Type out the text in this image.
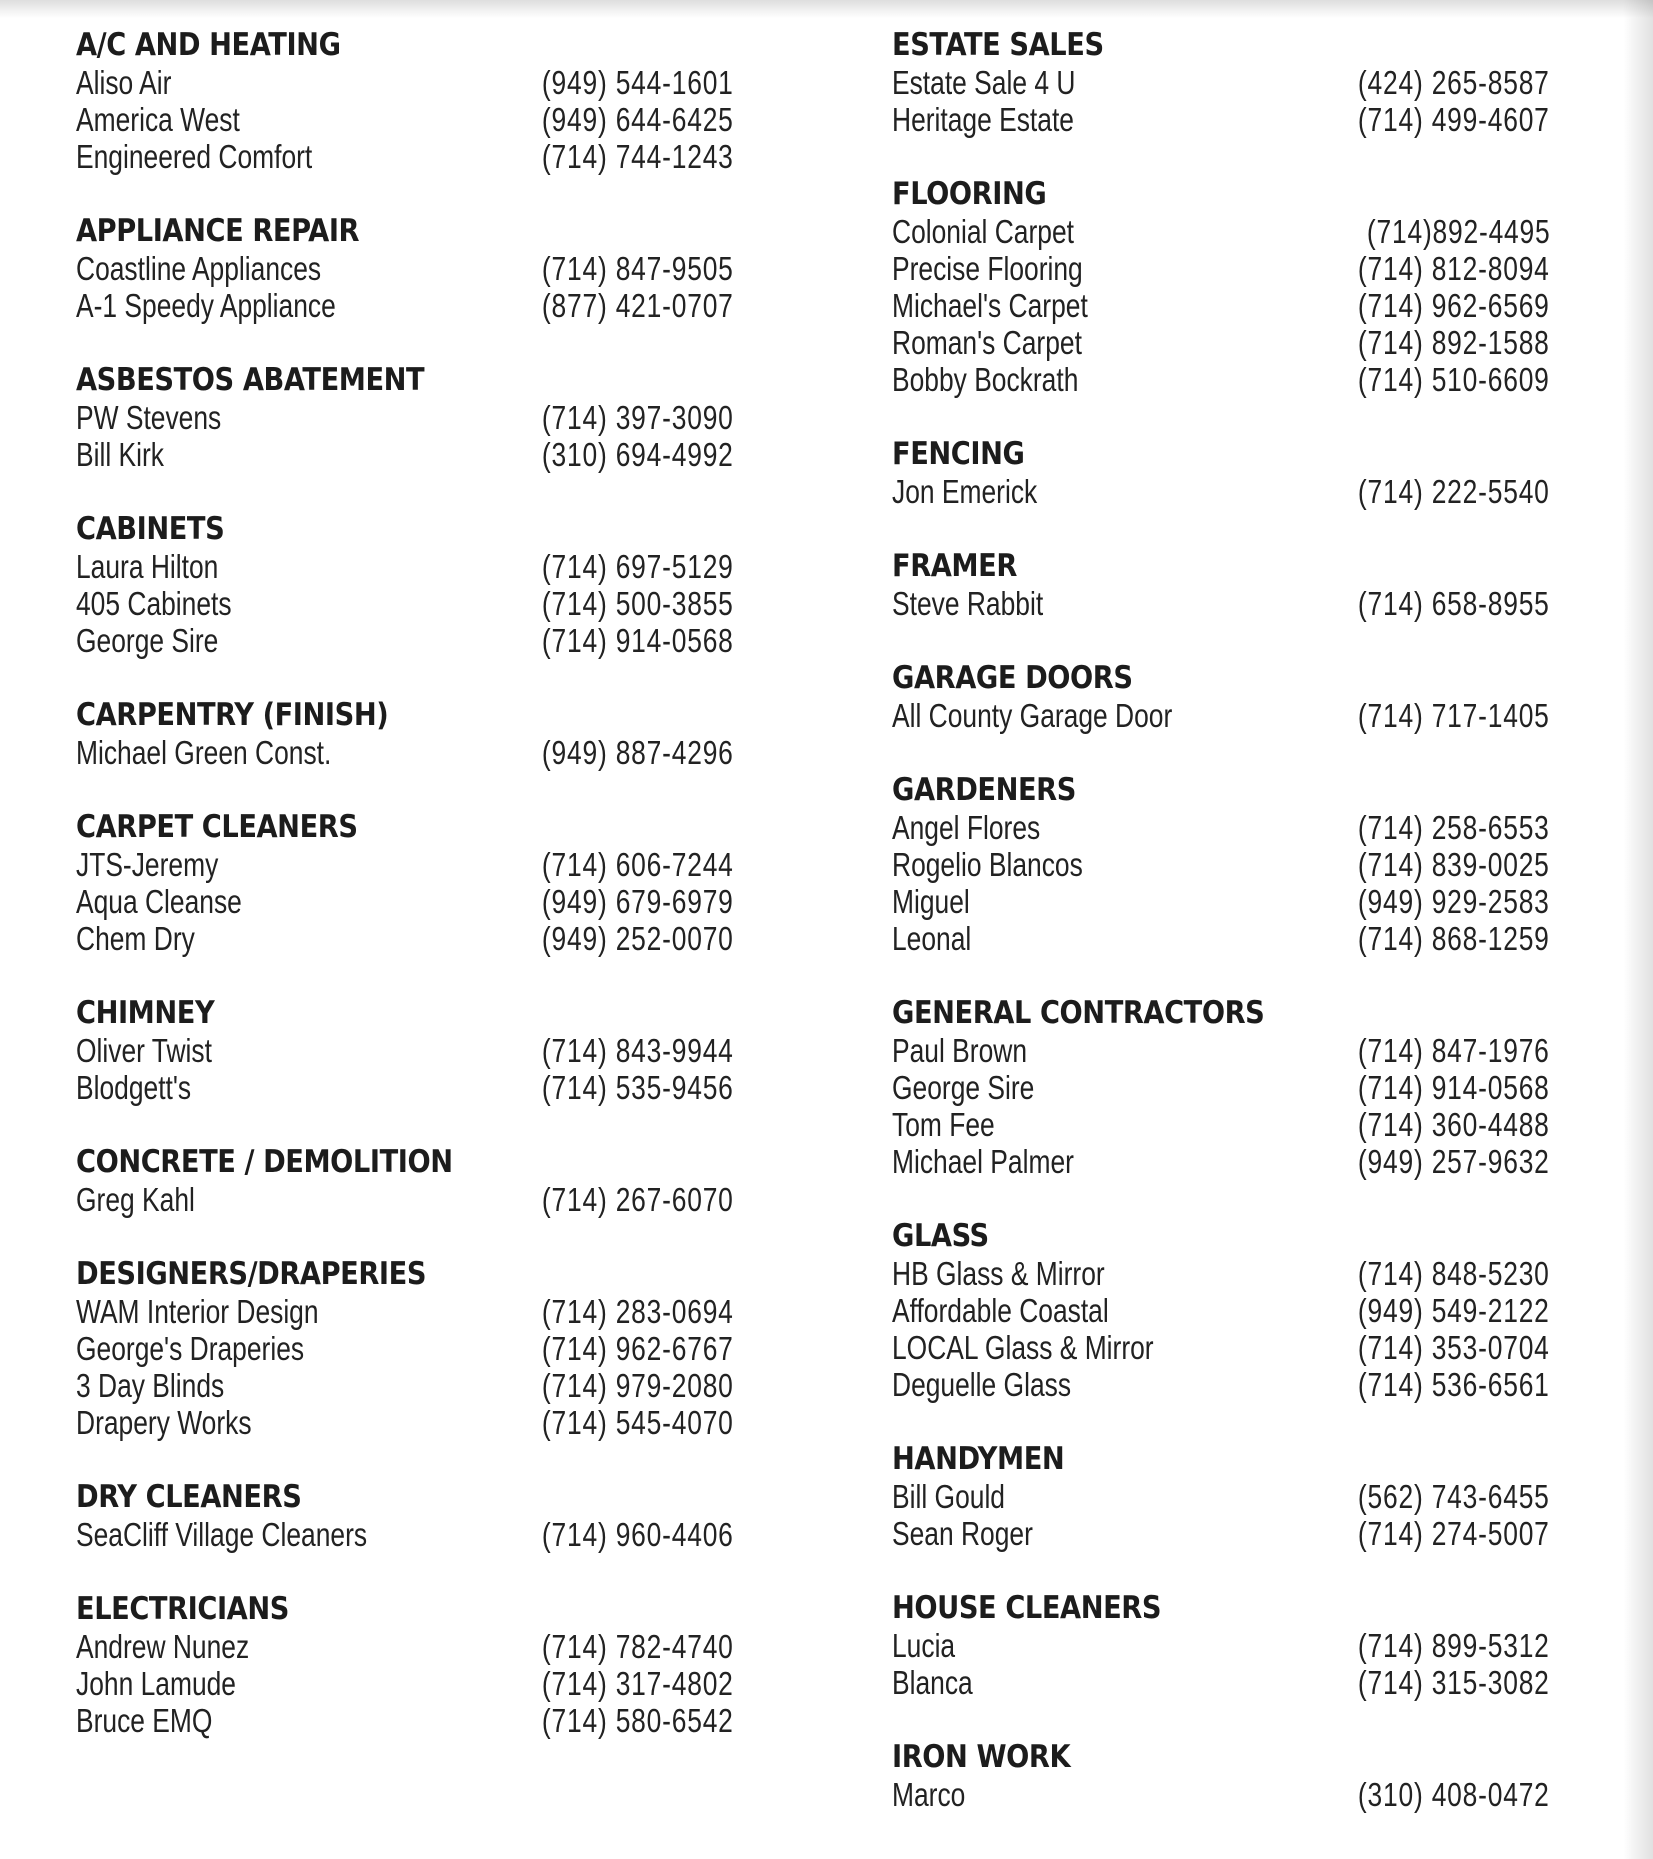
A/C AND HEATING
Aliso Air	(949) 544-1601
America West	(949) 644-6425
Engineered Comfort	(714) 744-1243
APPLIANCE REPAIR
Coastline Appliances	(714) 847-9505
A-1 Speedy Appliance	(877) 421-0707
ASBESTOS ABATEMENT
PW Stevens	(714) 397-3090
Bill Kirk	(310) 694-4992
CABINETS
Laura Hilton	(714) 697-5129
405 Cabinets	(714) 500-3855
George Sire	(714) 914-0568
CARPENTRY (FINISH)
Michael Green Const.	(949) 887-4296
CARPET CLEANERS
JTS-Jeremy	(714) 606-7244
Aqua Cleanse	(949) 679-6979
Chem Dry	(949) 252-0070
CHIMNEY
Oliver Twist	(714) 843-9944
Blodgett's	(714) 535-9456
CONCRETE / DEMOLITION
Greg Kahl	(714) 267-6070
DESIGNERS/DRAPERIES
WAM Interior Design	(714) 283-0694
George's Draperies	(714) 962-6767
3 Day Blinds	(714) 979-2080
Drapery Works	(714) 545-4070
DRY CLEANERS
SeaCliff Village Cleaners	(714) 960-4406
ELECTRICIANS
Andrew Nunez	(714) 782-4740
John Lamude	(714) 317-4802
Bruce EMQ	(714) 580-6542
ESTATE SALES
Estate Sale 4 U	(424) 265-8587
Heritage Estate	(714) 499-4607
FLOORING
Colonial Carpet	(714)892-4495
Precise Flooring	(714) 812-8094
Michael's Carpet	(714) 962-6569
Roman's Carpet	(714) 892-1588
Bobby Bockrath	(714) 510-6609
FENCING
Jon Emerick	(714) 222-5540
FRAMER
Steve Rabbit	(714) 658-8955
GARAGE DOORS
All County Garage Door	(714) 717-1405
GARDENERS
Angel Flores	(714) 258-6553
Rogelio Blancos	(714) 839-0025
Miguel	(949) 929-2583
Leonal	(714) 868-1259
GENERAL CONTRACTORS
Paul Brown	(714) 847-1976
George Sire	(714) 914-0568
Tom Fee	(714) 360-4488
Michael Palmer	(949) 257-9632
GLASS
HB Glass & Mirror	(714) 848-5230
Affordable Coastal	(949) 549-2122
LOCAL Glass & Mirror	(714) 353-0704
Deguelle Glass	(714) 536-6561
HANDYMEN
Bill Gould	(562) 743-6455
Sean Roger	(714) 274-5007
HOUSE CLEANERS
Lucia	(714) 899-5312
Blanca	(714) 315-3082
IRON WORK
Marco	(310) 408-0472
